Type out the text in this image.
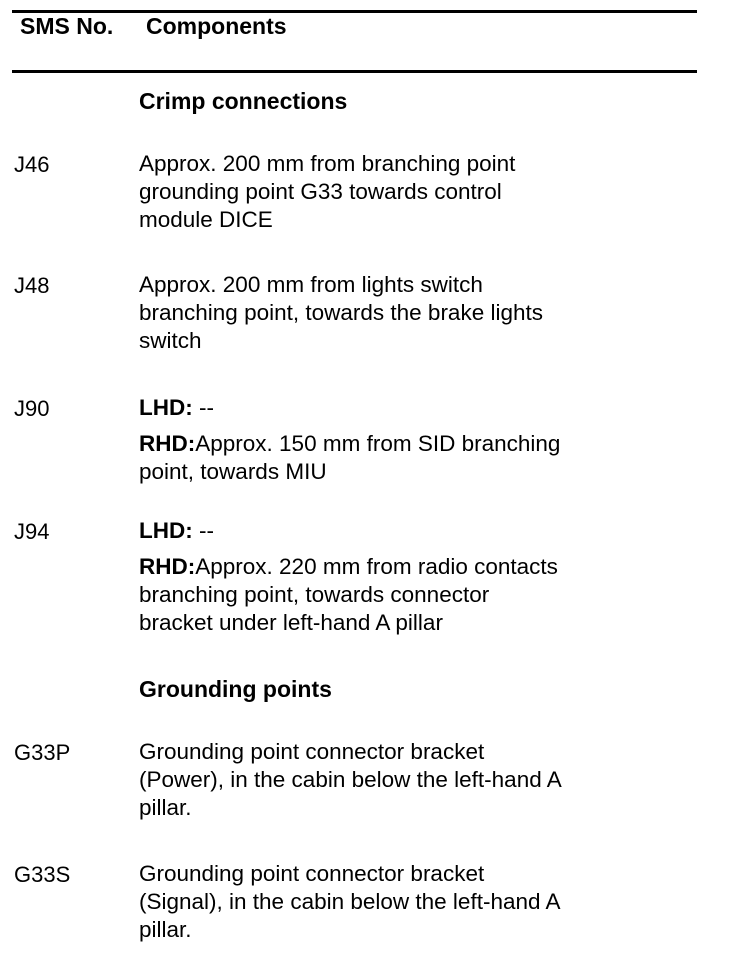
SMS No. Components
Crimp connections
J46	Approx. 200 mm from branching point
grounding point G33 towards control
module DICE
J48	Approx. 200 mm from lights switch
branching point, towards the brake lights
switch
J90	LHD: --
RHD:Approx. 150 mm from SID branching
point, towards MIU
J94	LHD: --
RHD:Approx. 220 mm from radio contacts
branching point, towards connector
bracket under left-hand A pillar
Grounding points
G33P	Grounding point connector bracket
(Power), in the cabin below the left-hand A
pillar.
G33S	Grounding point connector bracket
(Signal), in the cabin below the left-hand A
pillar.
